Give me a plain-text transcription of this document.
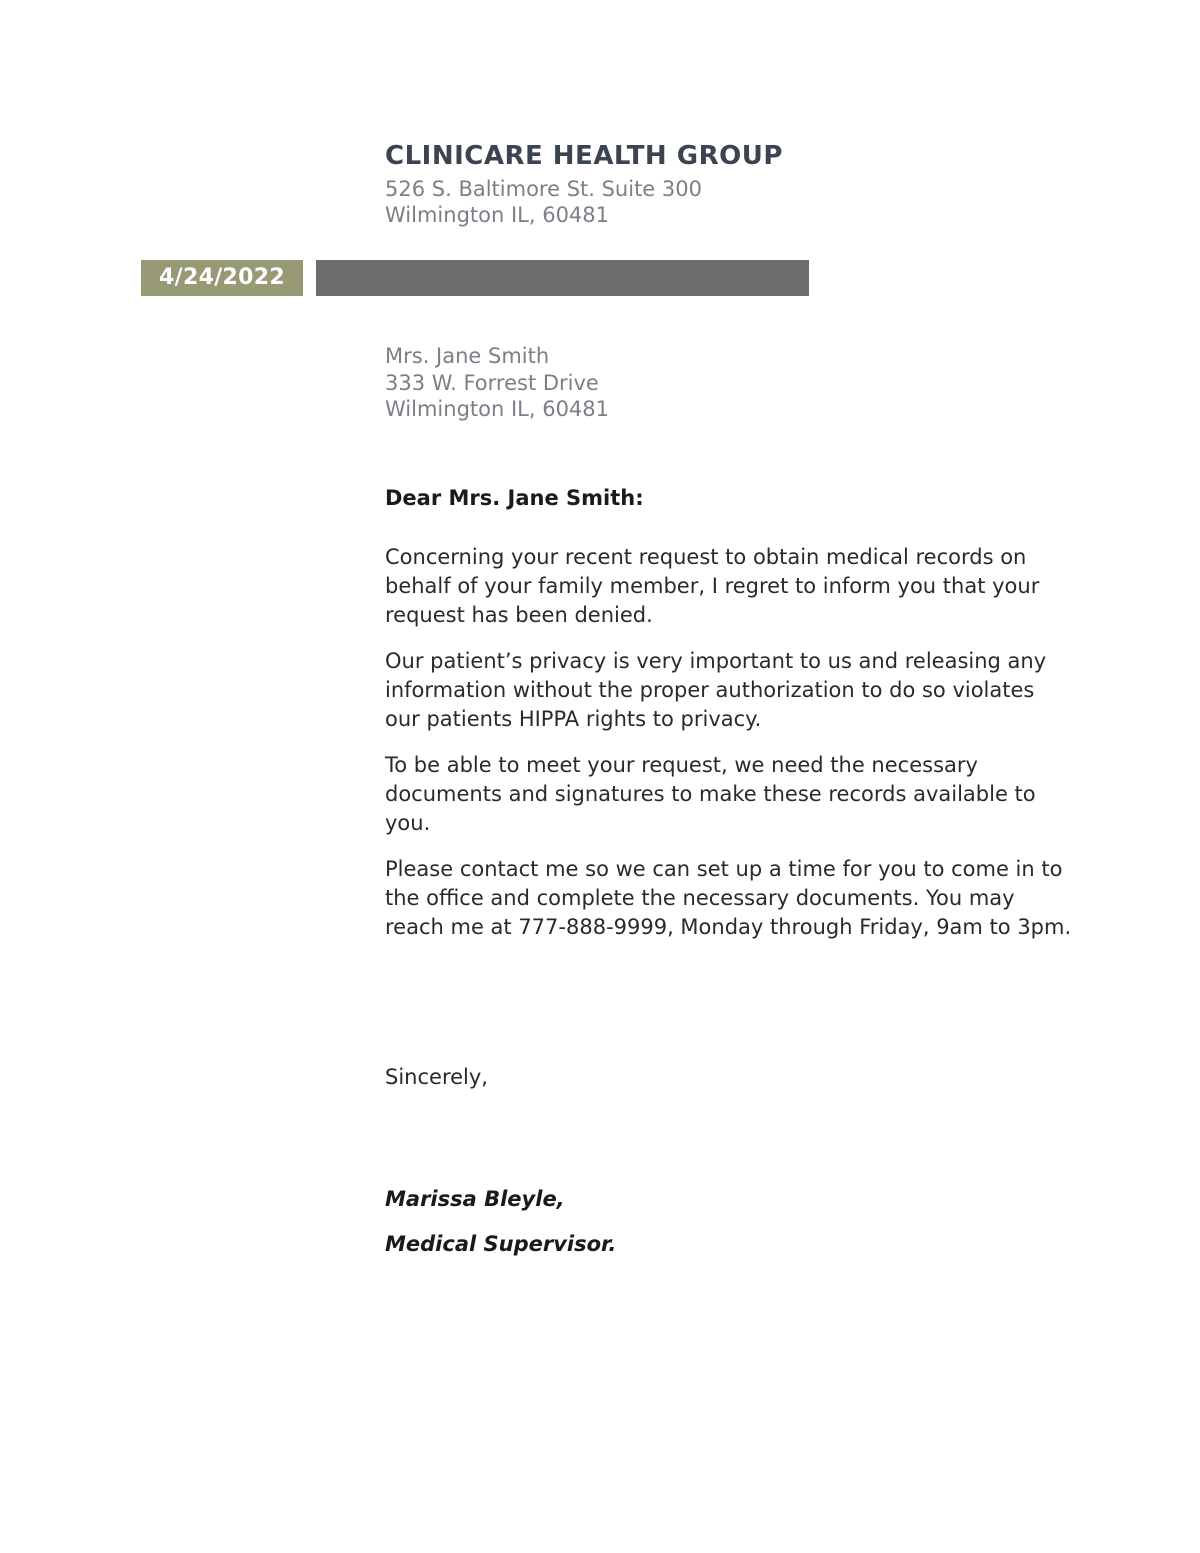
CLINICARE HEALTH GROUP
526 S. Baltimore St. Suite 300
Wilmington IL, 60481
4/24/2022
Mrs. Jane Smith
333 W. Forrest Drive
Wilmington IL, 60481
Dear Mrs. Jane Smith:

Concerning your recent request to obtain medical records on behalf of your family member, I regret to inform you that your request has been denied.

Our patient’s privacy is very important to us and releasing any information without the proper authorization to do so violates our patients HIPPA rights to privacy.

To be able to meet your request, we need the necessary documents and signatures to make these records available to you.

Please contact me so we can set up a time for you to come in to the office and complete the necessary documents. You may reach me at 777-888-9999, Monday through Friday, 9am to 3pm.

Sincerely,
Marissa Bleyle,
Medical Supervisor.
